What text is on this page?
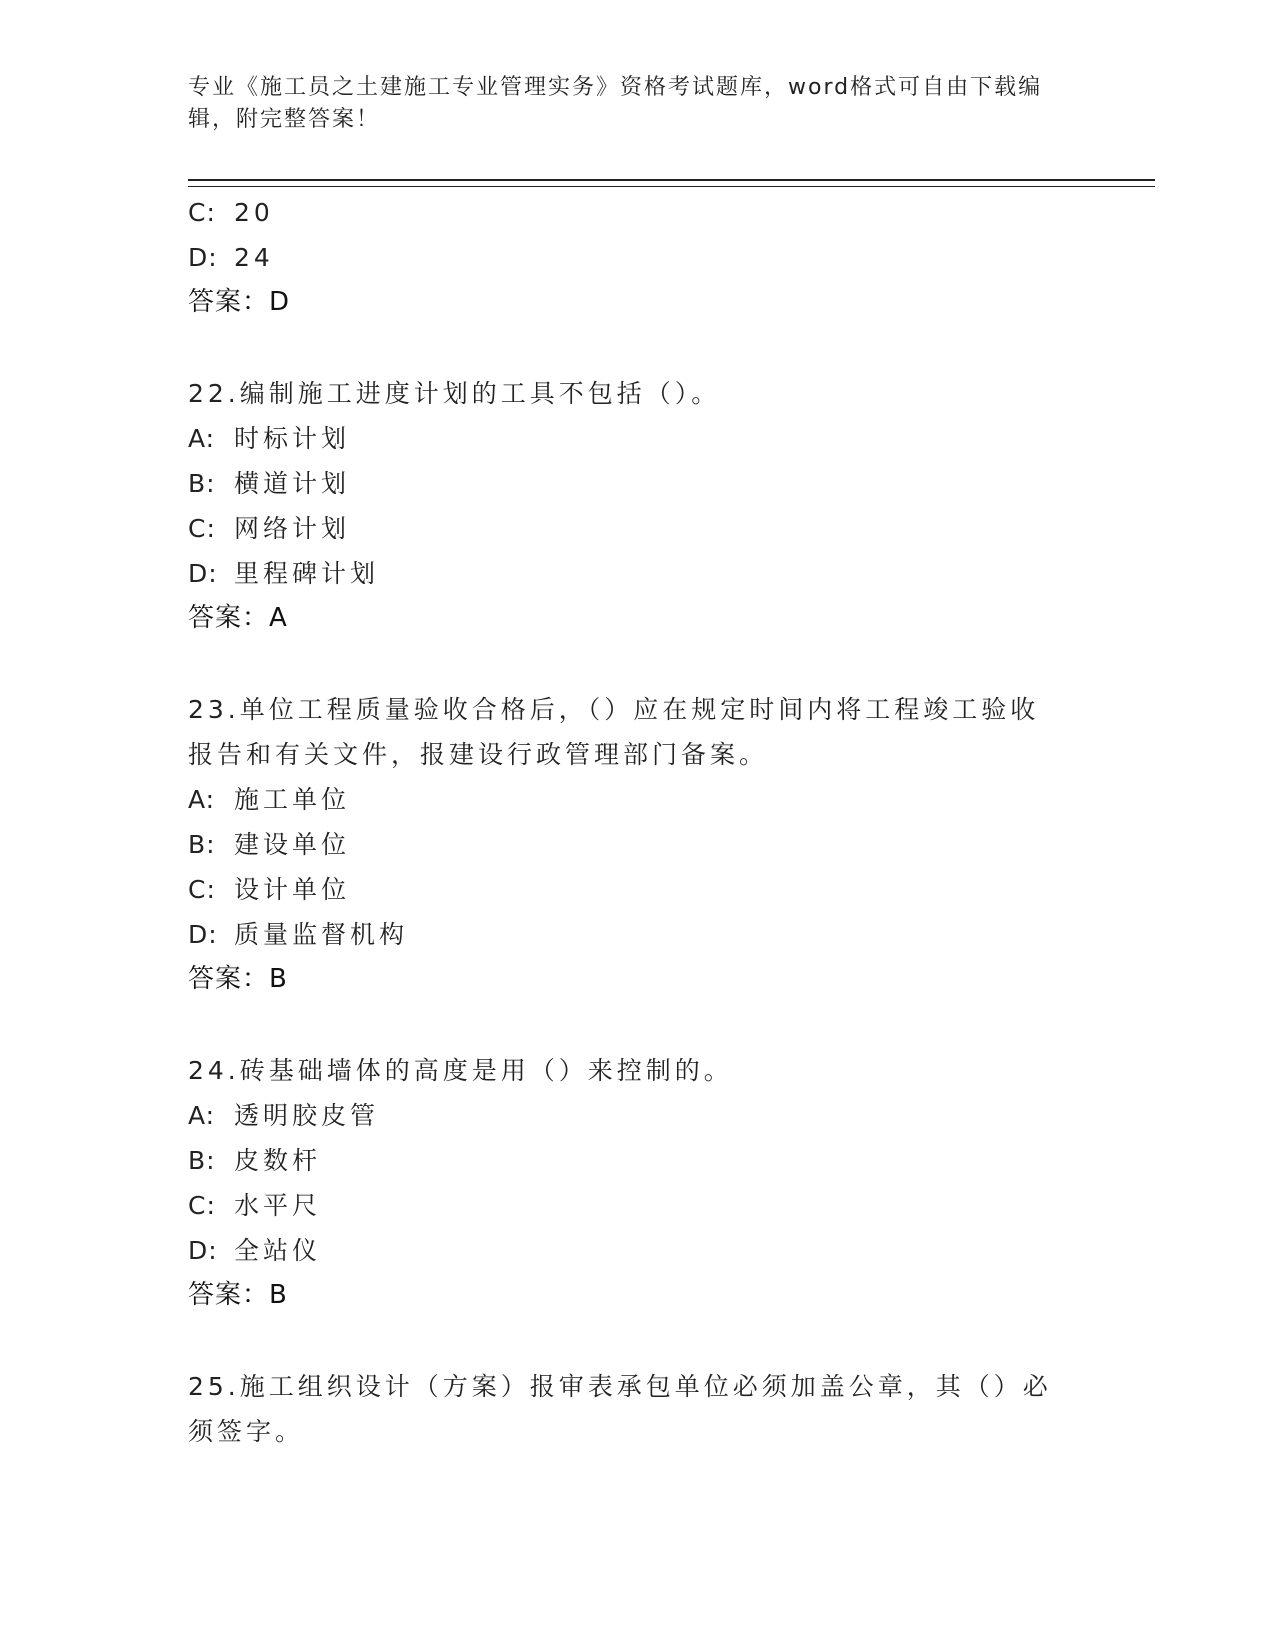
专业《施工员之土建施工专业管理实务》资格考试题库，word格式可自由下载编辑，附完整答案！
C: 20
D: 24
答案：D
22.编制施工进度计划的工具不包括（）。
A: 时标计划
B: 横道计划
C: 网络计划
D: 里程碑计划
答案：A
23.单位工程质量验收合格后，（）应在规定时间内将工程竣工验收报告和有关文件，报建设行政管理部门备案。
A: 施工单位
B: 建设单位
C: 设计单位
D: 质量监督机构
答案：B
24.砖基础墙体的高度是用（）来控制的。
A: 透明胶皮管
B: 皮数杆
C: 水平尺
D: 全站仪
答案：B
25.施工组织设计（方案）报审表承包单位必须加盖公章，其（）必须签字。
